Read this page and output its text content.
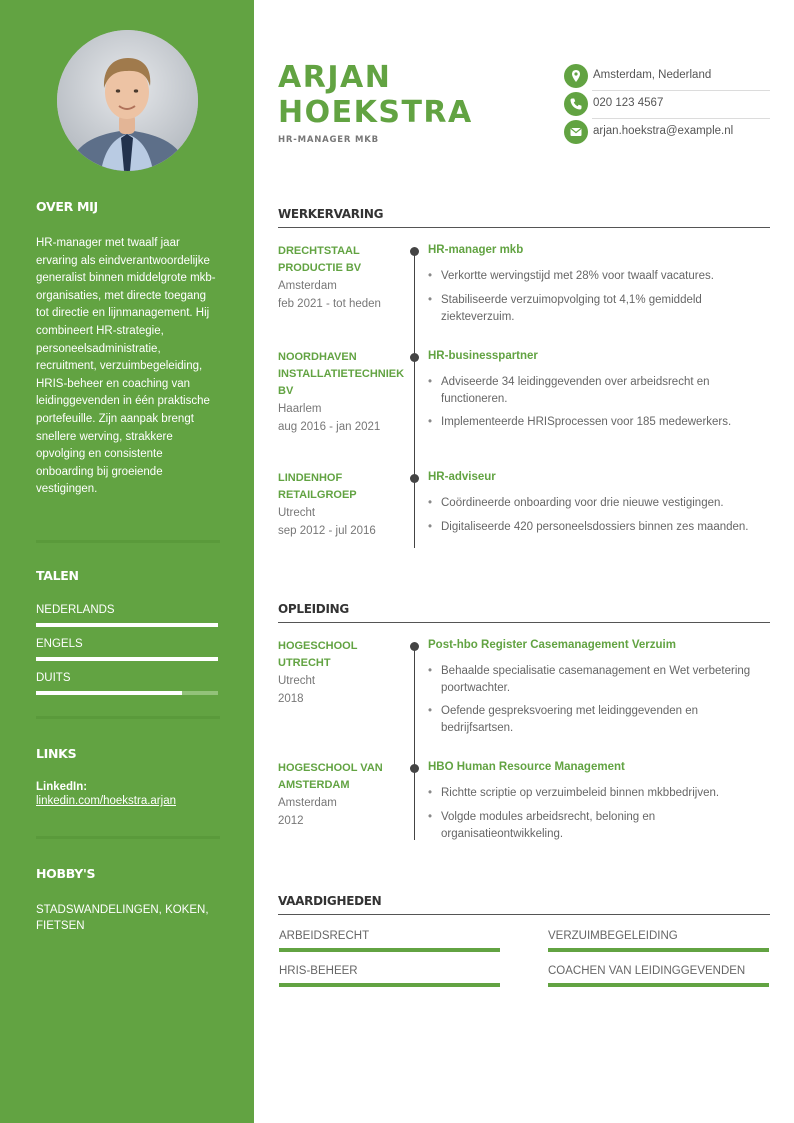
OVER MIJ
HR-manager met twaalf jaar ervaring als eindverantwoordelijke generalist binnen middelgrote mkb-organisaties, met directe toegang tot directie en lijnmanagement. Hij combineert HR-strategie, personeelsadministratie, recruitment, verzuimbegeleiding, HRIS-beheer en coaching van leidinggevenden in één praktische portefeuille. Zijn aanpak brengt snellere werving, strakkere opvolging en consistente onboarding bij groeiende vestigingen.
TALEN
NEDERLANDS
ENGELS
DUITS
LINKS
LinkedIn:
linkedin.com/hoekstra.arjan
HOBBY'S
STADSWANDELINGEN, KOKEN, FIETSEN
ARJAN
HOEKSTRA
HR-MANAGER MKB
Amsterdam, Nederland
020 123 4567
arjan.hoekstra@example.nl
WERKERVARING
DRECHTSTAAL PRODUCTIE BV
Amsterdam
feb 2021 - tot heden
HR-manager mkb
• Verkortte wervingstijd met 28% voor twaalf vacatures.
• Stabiliseerde verzuimopvolging tot 4,1% gemiddeld ziekteverzuim.
NOORDHAVEN INSTALLATIETECHNIEK BV
Haarlem
aug 2016 - jan 2021
HR-businesspartner
• Adviseerde 34 leidinggevenden over arbeidsrecht en functioneren.
• Implementeerde HRISprocessen voor 185 medewerkers.
LINDENHOF RETAILGROEP
Utrecht
sep 2012 - jul 2016
HR-adviseur
• Coördineerde onboarding voor drie nieuwe vestigingen.
• Digitaliseerde 420 personeelsdossiers binnen zes maanden.
OPLEIDING
HOGESCHOOL UTRECHT
Utrecht
2018
Post-hbo Register Casemanagement Verzuim
• Behaalde specialisatie casemanagement en Wet verbetering poortwachter.
• Oefende gespreksvoering met leidinggevenden en bedrijfsartsen.
HOGESCHOOL VAN AMSTERDAM
Amsterdam
2012
HBO Human Resource Management
• Richtte scriptie op verzuimbeleid binnen mkbbedrijven.
• Volgde modules arbeidsrecht, beloning en organisatieontwikkeling.
VAARDIGHEDEN
ARBEIDSRECHT	VERZUIMBEGELEIDING
HRIS-BEHEER	COACHEN VAN LEIDINGGEVENDEN
